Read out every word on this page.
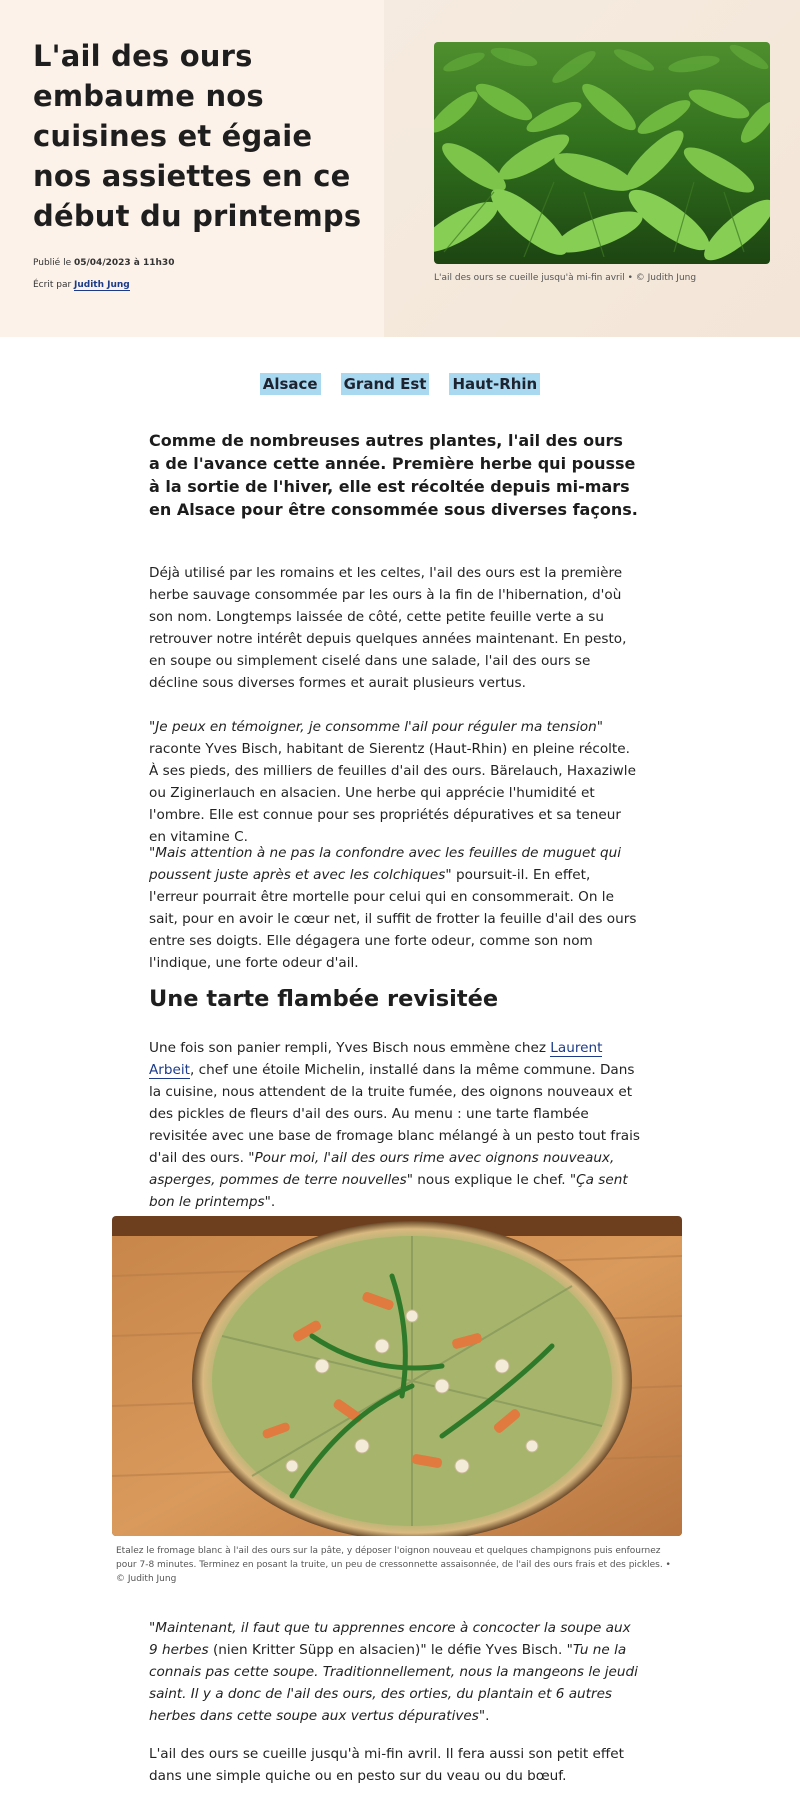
L'ail des ours embaume nos cuisines et égaie nos assiettes en ce début du printemps
Publié le 05/04/2023 à 11h30
Écrit par Judith Jung
L'ail des ours se cueille jusqu'à mi-fin avril • © Judith Jung
Alsace Grand Est Haut-Rhin

Comme de nombreuses autres plantes, l'ail des ours a de l'avance cette année. Première herbe qui pousse à la sortie de l'hiver, elle est récoltée depuis mi-mars en Alsace pour être consommée sous diverses façons.

Déjà utilisé par les romains et les celtes, l'ail des ours est la première herbe sauvage consommée par les ours à la fin de l'hibernation, d'où son nom. Longtemps laissée de côté, cette petite feuille verte a su retrouver notre intérêt depuis quelques années maintenant. En pesto, en soupe ou simplement ciselé dans une salade, l'ail des ours se décline sous diverses formes et aurait plusieurs vertus.

"Je peux en témoigner, je consomme l'ail pour réguler ma tension" raconte Yves Bisch, habitant de Sierentz (Haut-Rhin) en pleine récolte. À ses pieds, des milliers de feuilles d'ail des ours. Bärelauch, Haxaziwle ou Ziginerlauch en alsacien. Une herbe qui apprécie l'humidité et l'ombre. Elle est connue pour ses propriétés dépuratives et sa teneur en vitamine C.

"Mais attention à ne pas la confondre avec les feuilles de muguet qui poussent juste après et avec les colchiques" poursuit-il. En effet, l'erreur pourrait être mortelle pour celui qui en consommerait. On le sait, pour en avoir le cœur net, il suffit de frotter la feuille d'ail des ours entre ses doigts. Elle dégagera une forte odeur, comme son nom l'indique, une forte odeur d'ail.

Une tarte flambée revisitée

Une fois son panier rempli, Yves Bisch nous emmène chez Laurent Arbeit, chef une étoile Michelin, installé dans la même commune. Dans la cuisine, nous attendent de la truite fumée, des oignons nouveaux et des pickles de fleurs d'ail des ours. Au menu : une tarte flambée revisitée avec une base de fromage blanc mélangé à un pesto tout frais d'ail des ours. "Pour moi, l'ail des ours rime avec oignons nouveaux, asperges, pommes de terre nouvelles" nous explique le chef. "Ça sent bon le printemps".

Etalez le fromage blanc à l'ail des ours sur la pâte, y déposer l'oignon nouveau et quelques champignons puis enfournez pour 7-8 minutes. Terminez en posant la truite, un peu de cressonnette assaisonnée, de l'ail des ours frais et des pickles. • © Judith Jung

"Maintenant, il faut que tu apprennes encore à concocter la soupe aux 9 herbes (nien Kritter Süpp en alsacien)" le défie Yves Bisch. "Tu ne la connais pas cette soupe. Traditionnellement, nous la mangeons le jeudi saint. Il y a donc de l'ail des ours, des orties, du plantain et 6 autres herbes dans cette soupe aux vertus dépuratives".

L'ail des ours se cueille jusqu'à mi-fin avril. Il fera aussi son petit effet dans une simple quiche ou en pesto sur du veau ou du bœuf.
